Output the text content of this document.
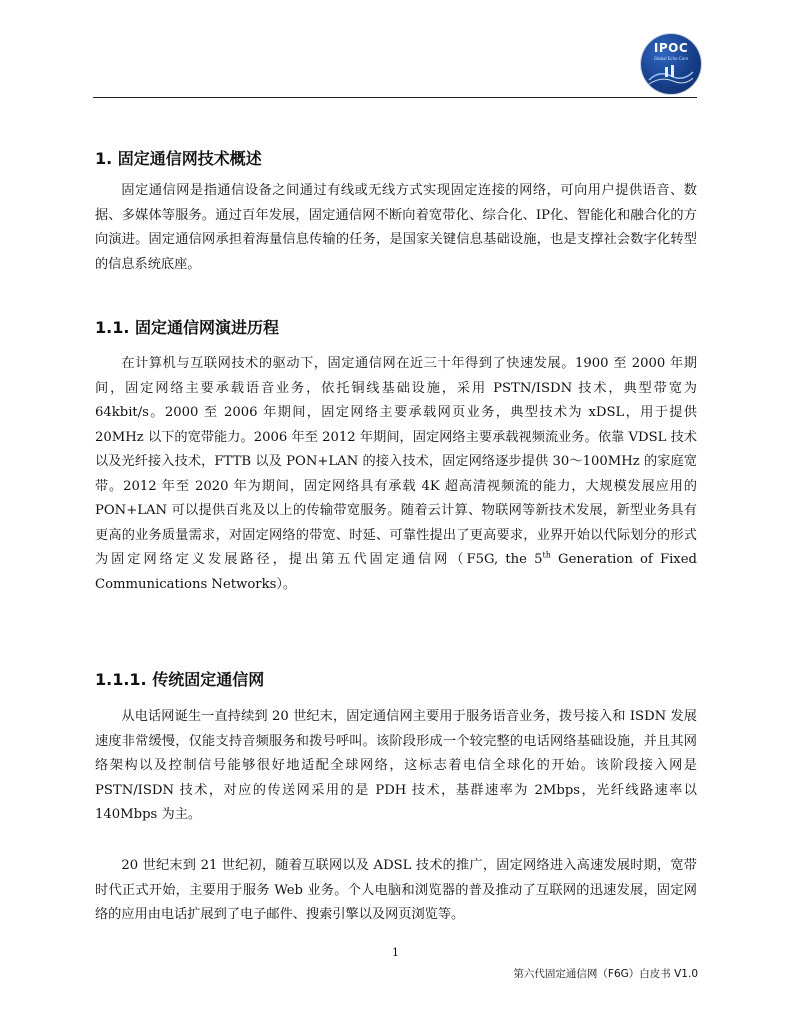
IPOC
Global Echo Care
1. 固定通信网技术概述
固定通信网是指通信设备之间通过有线或无线方式实现固定连接的网络，可向用户提供语音、数据、多媒体等服务。通过百年发展，固定通信网不断向着宽带化、综合化、IP化、智能化和融合化的方向演进。固定通信网承担着海量信息传输的任务，是国家关键信息基础设施，也是支撑社会数字化转型的信息系统底座。
1.1. 固定通信网演进历程
在计算机与互联网技术的驱动下，固定通信网在近三十年得到了快速发展。1900 至 2000 年期间，固定网络主要承载语音业务，依托铜线基础设施，采用 PSTN/ISDN 技术，典型带宽为 64kbit/s。2000 至 2006 年期间，固定网络主要承载网页业务，典型技术为 xDSL，用于提供 20MHz 以下的宽带能力。2006 年至 2012 年期间，固定网络主要承载视频流业务。依靠 VDSL 技术以及光纤接入技术，FTTB 以及 PON+LAN 的接入技术，固定网络逐步提供 30～100MHz 的家庭宽带。2012 年至 2020 年为期间，固定网络具有承载 4K 超高清视频流的能力，大规模发展应用的 PON+LAN 可以提供百兆及以上的传输带宽服务。随着云计算、物联网等新技术发展，新型业务具有更高的业务质量需求，对固定网络的带宽、时延、可靠性提出了更高要求，业界开始以代际划分的形式为固定网络定义发展路径，提出第五代固定通信网（F5G, the 5th Generation of Fixed Communications Networks）。
1.1.1. 传统固定通信网
从电话网诞生一直持续到 20 世纪末，固定通信网主要用于服务语音业务，拨号接入和 ISDN 发展速度非常缓慢，仅能支持音频服务和拨号呼叫。该阶段形成一个较完整的电话网络基础设施，并且其网络架构以及控制信号能够很好地适配全球网络，这标志着电信全球化的开始。该阶段接入网是 PSTN/ISDN 技术，对应的传送网采用的是 PDH 技术，基群速率为 2Mbps，光纤线路速率以 140Mbps 为主。
20 世纪末到 21 世纪初，随着互联网以及 ADSL 技术的推广，固定网络进入高速发展时期，宽带时代正式开始，主要用于服务 Web 业务。个人电脑和浏览器的普及推动了互联网的迅速发展，固定网络的应用由电话扩展到了电子邮件、搜索引擎以及网页浏览等。
1
第六代固定通信网（F6G）白皮书 V1.0
